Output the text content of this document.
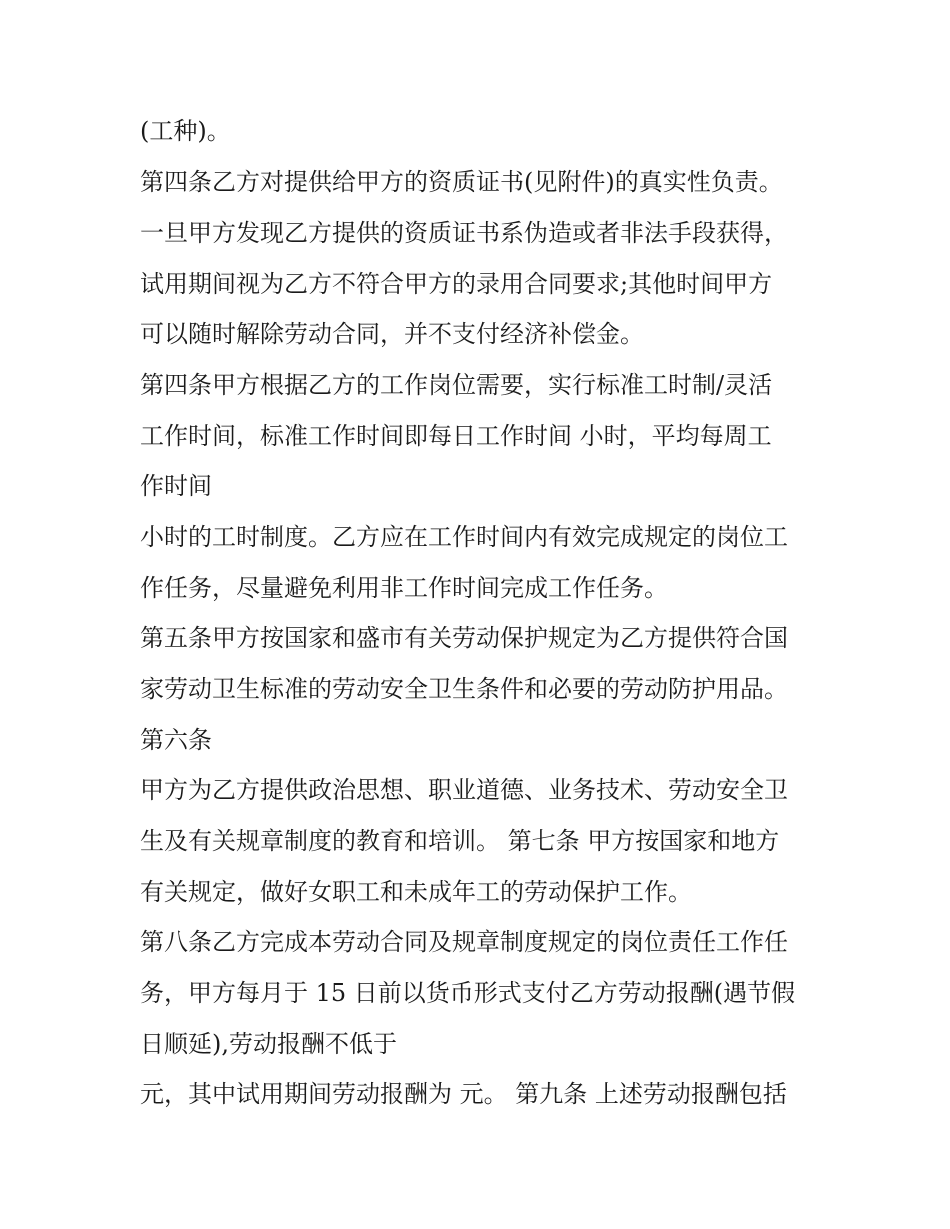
(工种)。
第四条乙方对提供给甲方的资质证书(见附件)的真实性负责。
一旦甲方发现乙方提供的资质证书系伪造或者非法手段获得，
试用期间视为乙方不符合甲方的录用合同要求;其他时间甲方
可以随时解除劳动合同，并不支付经济补偿金。
第四条甲方根据乙方的工作岗位需要，实行标准工时制/灵活
工作时间，标准工作时间即每日工作时间 小时，平均每周工
作时间
小时的工时制度。乙方应在工作时间内有效完成规定的岗位工
作任务，尽量避免利用非工作时间完成工作任务。
第五条甲方按国家和盛市有关劳动保护规定为乙方提供符合国
家劳动卫生标准的劳动安全卫生条件和必要的劳动防护用品。
第六条
甲方为乙方提供政治思想、职业道德、业务技术、劳动安全卫
生及有关规章制度的教育和培训。 第七条 甲方按国家和地方
有关规定，做好女职工和未成年工的劳动保护工作。
第八条乙方完成本劳动合同及规章制度规定的岗位责任工作任
务，甲方每月于 15 日前以货币形式支付乙方劳动报酬(遇节假
日顺延),劳动报酬不低于
元，其中试用期间劳动报酬为 元。 第九条 上述劳动报酬包括
